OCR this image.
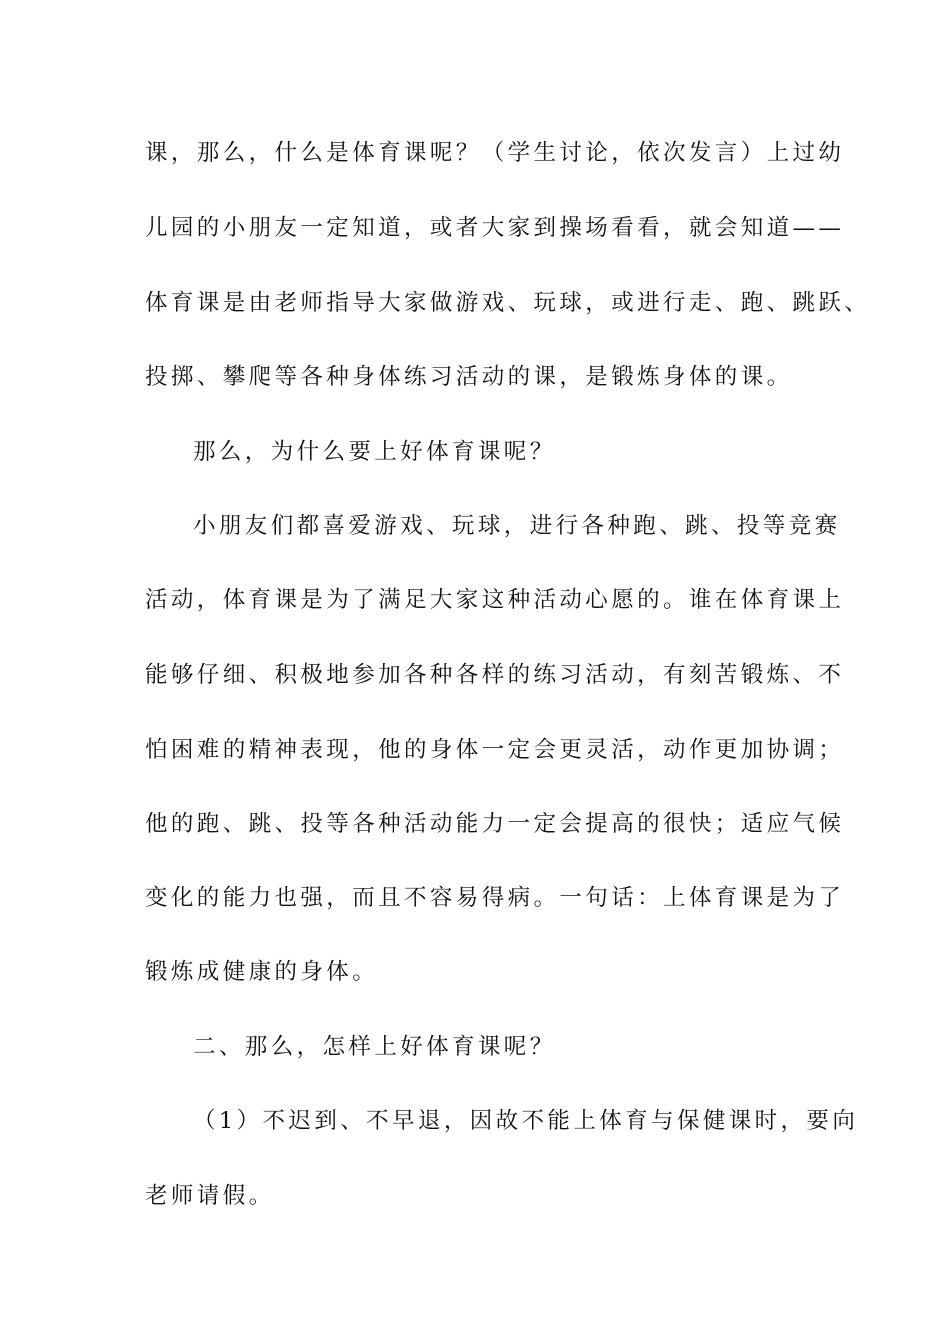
课，那么，什么是体育课呢？（学生讨论，依次发言）上过幼
儿园的小朋友一定知道，或者大家到操场看看，就会知道——
体育课是由老师指导大家做游戏、玩球，或进行走、跑、跳跃、
投掷、攀爬等各种身体练习活动的课，是锻炼身体的课。
那么，为什么要上好体育课呢？
小朋友们都喜爱游戏、玩球，进行各种跑、跳、投等竞赛
活动，体育课是为了满足大家这种活动心愿的。谁在体育课上
能够仔细、积极地参加各种各样的练习活动，有刻苦锻炼、不
怕困难的精神表现，他的身体一定会更灵活，动作更加协调；
他的跑、跳、投等各种活动能力一定会提高的很快；适应气候
变化的能力也强，而且不容易得病。一句话：上体育课是为了
锻炼成健康的身体。
二、那么，怎样上好体育课呢？
（1）不迟到、不早退，因故不能上体育与保健课时，要向
老师请假。
